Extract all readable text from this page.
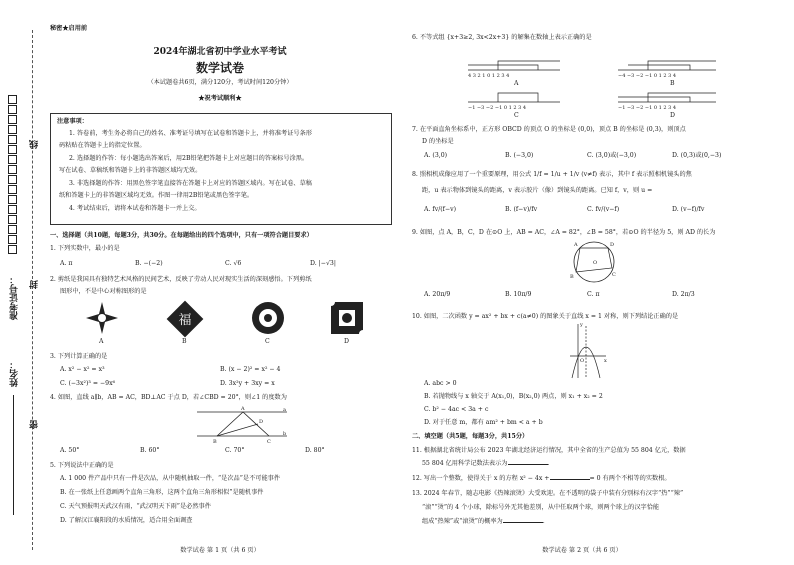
姓名：
准考证号：
线
封
密
秘密★启用前
2024年湖北省初中学业水平考试
数学试卷
（本试题卷共6页，满分120分，考试时间120分钟）
★祝考试顺利★
注意事项：
1. 答卷前，考生务必将自己的姓名、准考证号填写在试卷和答题卡上，并将准考证号条形
码粘贴在答题卡上的指定位置。
2. 选择题的作答：每小题选出答案后，用2B铅笔把答题卡上对应题目的答案标号涂黑。
写在试卷、草稿纸和答题卡上的非答题区域均无效。
3. 非选择题的作答：用黑色签字笔直接答在答题卡上对应的答题区域内。写在试卷、草稿
纸和答题卡上的非答题区域均无效。作图一律用2B铅笔或黑色签字笔。
4. 考试结束后，请将本试卷和答题卡一并上交。
一、选择题（共10题，每题3分，共30分。在每题给出的四个选项中，只有一项符合题目要求）
1. 下列实数中，最小的是
A. π	B. −(−2)	C. √6	D. |−√3|
2. 剪纸是我国具有独特艺术风格的民间艺术，反映了劳动人民对现实生活的深刻感悟。下列剪纸
图形中，不是中心对称图形的是
福
A	B	C	D
3. 下列计算正确的是
A. x² − x² = x³	B. (x − 2)² = x² − 4
C. (−3x²)³ = −9x⁶	D. 3x²y + 3xy = x
4. 如图，直线 a∥b，AB = AC，BD⊥AC 于点 D，若∠CBD = 20°，则∠1 的度数为
A
B	C
D
a
b
A. 50°	B. 60°	C. 70°	D. 80°
5. 下列说法中正确的是
A. 1 000 件产品中只有一件是次品，从中随机抽取一件，“是次品”是不可能事件
B. 在一张纸上任意画两个直角三角形，这两个直角三角形相似”是随机事件
C. 天气预报明天武汉有雨，“武汉明天下雨”是必然事件
D. 了解汉江襄阳段的水质情况，适合用全面调查
数学试卷 第 1 页（共 6 页）
6. 不等式组 {x+3≥2, 3x<2x+3} 的解集在数轴上表示正确的是
4 3 2 1 0 1 2 3 4	−4 −3 −2 −1 0 1 2 3 4
−1 −3 −2 −1 0 1 2 3 4	−1 −3 −2 −1 0 1 2 3 4
A	B
C	D
7. 在平面直角坐标系中，正方形 OBCD 的顶点 O 的坐标是 (0,0)，顶点 B 的坐标是 (0,3)，则顶点
D 的坐标是
A. (3,0)	B. (−3,0)	C. (3,0)或(−3,0)	D. (0,3)或(0,−3)
8. 照相机成像应用了一个重要原理，用公式 1/f = 1/u + 1/v (v≠f) 表示，其中 f 表示照相机镜头的焦
距，u 表示物体到镜头的距离，v 表示胶片（像）到镜头的距离。已知 f，v，则 u =
A. fv/(f−v)	B. (f−v)/fv	C. fv/(v−f)	D. (v−f)/fv
9. 如图，点 A，B，C，D 在⊙O 上，AB = AC，∠A = 82°，∠B = 58°，若⊙O 的半径为 5，则 AD 的长为
O
A	D
B	C
A. 20π/9	B. 10π/9	C. π	D. 2π/3
10. 如图，二次函数 y = ax² + bx + c(a≠0) 的图象关于直线 x = 1 对称，则下列结论正确的是
O	x
y
A. abc > 0
B. 若抛物线与 x 轴交于 A(x₁,0)，B(x₂,0) 两点，则 x₁ + x₂ = 2
C. b² − 4ac < 3a + c
D. 对于任意 m，都有 am² + bm < a + b
二、填空题（共5题，每题3分，共15分）
11. 根据湖北省统计局公布 2023 年湖北经济运行情况，其中全省的生产总值为 55 804 亿元，数据
55 804 亿用科学记数法表示为	.
12. 写出一个整数，使得关于 x 的方程 x² − 4x +	= 0 有两个不相等的实数根。
13. 2024 年春节，随志电影《热辣滚烫》大受欢迎。在不透明的袋子中装有分别标有汉字“热”“辣”
“滚”“烫”的 4 个小球，除标号外无其他差别，从中任取两个球，则两个球上的汉字恰能
组成“热辣”或“滚烫”的概率为	.
数学试卷 第 2 页（共 6 页）
